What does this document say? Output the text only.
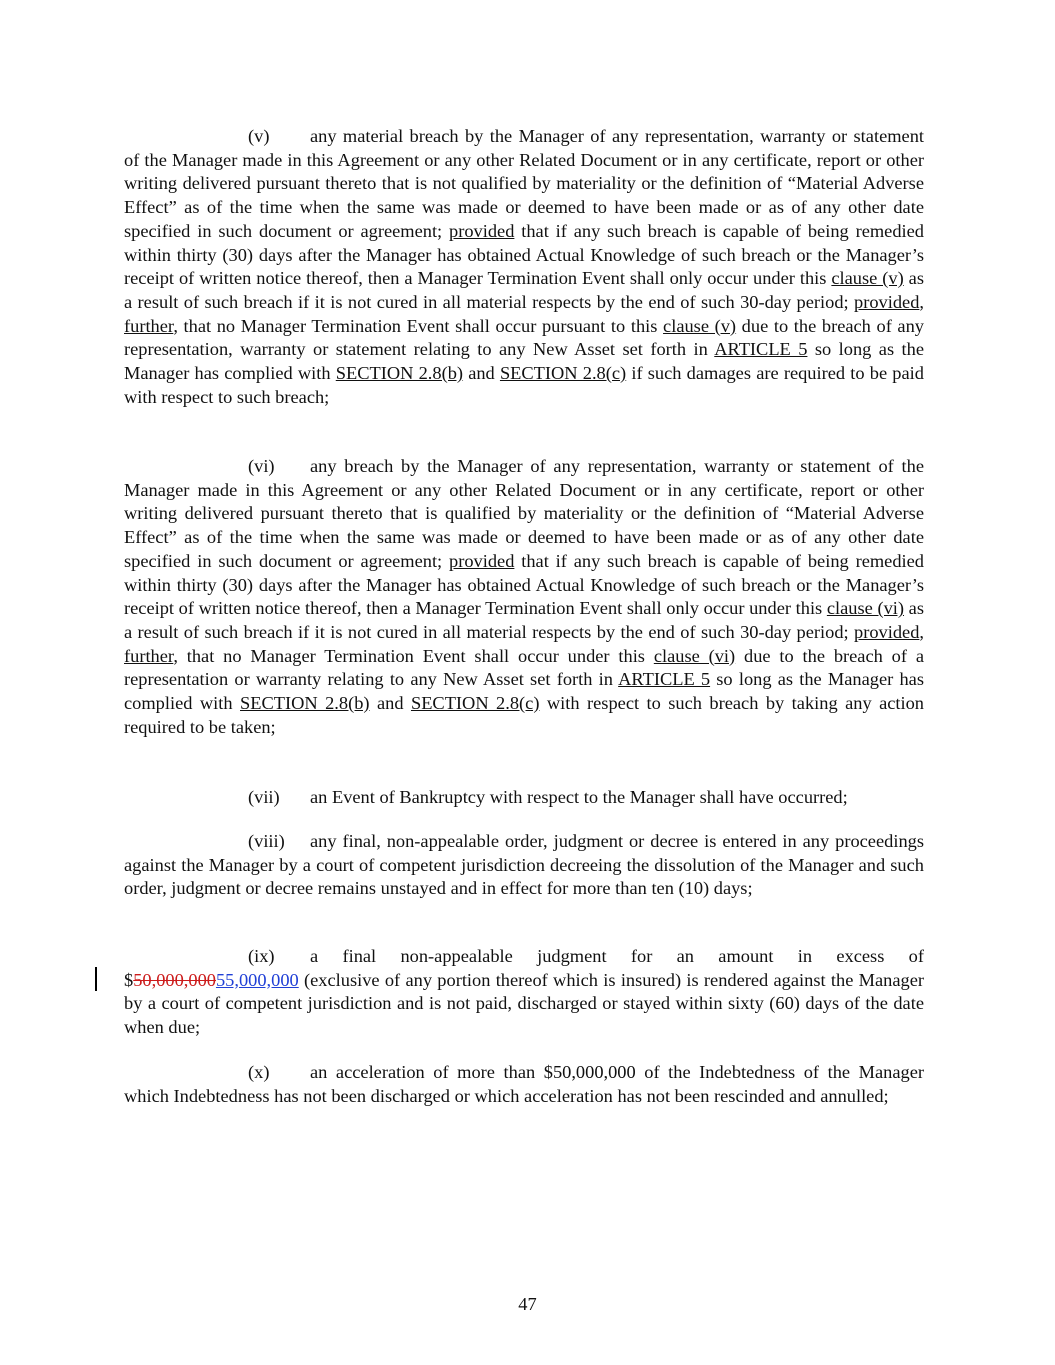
(v) any material breach by the Manager of any representation, warranty or statement of the Manager made in this Agreement or any other Related Document or in any certificate, report or other writing delivered pursuant thereto that is not qualified by materiality or the definition of “Material Adverse Effect” as of the time when the same was made or deemed to have been made or as of any other date specified in such document or agreement; provided that if any such breach is capable of being remedied within thirty (30) days after the Manager has obtained Actual Knowledge of such breach or the Manager’s receipt of written notice thereof, then a Manager Termination Event shall only occur under this clause (v) as a result of such breach if it is not cured in all material respects by the end of such 30-day period; provided, further, that no Manager Termination Event shall occur pursuant to this clause (v) due to the breach of any representation, warranty or statement relating to any New Asset set forth in ARTICLE 5 so long as the Manager has complied with SECTION 2.8(b) and SECTION 2.8(c) if such damages are required to be paid with respect to such breach;

(vi) any breach by the Manager of any representation, warranty or statement of the Manager made in this Agreement or any other Related Document or in any certificate, report or other writing delivered pursuant thereto that is qualified by materiality or the definition of “Material Adverse Effect” as of the time when the same was made or deemed to have been made or as of any other date specified in such document or agreement; provided that if any such breach is capable of being remedied within thirty (30) days after the Manager has obtained Actual Knowledge of such breach or the Manager’s receipt of written notice thereof, then a Manager Termination Event shall only occur under this clause (vi) as a result of such breach if it is not cured in all material respects by the end of such 30-day period; provided, further, that no Manager Termination Event shall occur under this clause (vi) due to the breach of a representation or warranty relating to any New Asset set forth in ARTICLE 5 so long as the Manager has complied with SECTION 2.8(b) and SECTION 2.8(c) with respect to such breach by taking any action required to be taken;

(vii) an Event of Bankruptcy with respect to the Manager shall have occurred;

(viii) any final, non-appealable order, judgment or decree is entered in any proceedings against the Manager by a court of competent jurisdiction decreeing the dissolution of the Manager and such order, judgment or decree remains unstayed and in effect for more than ten (10) days;

(ix) a final non-appealable judgment for an amount in excess of $50,000,00055,000,000 (exclusive of any portion thereof which is insured) is rendered against the Manager by a court of competent jurisdiction and is not paid, discharged or stayed within sixty (60) days of the date when due;

(x) an acceleration of more than $50,000,000 of the Indebtedness of the Manager which Indebtedness has not been discharged or which acceleration has not been rescinded and annulled;

47
